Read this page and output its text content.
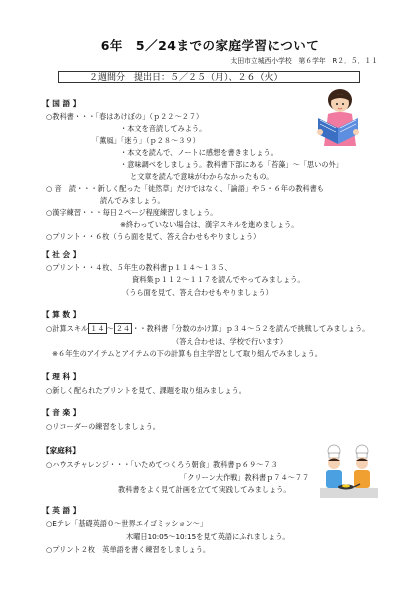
6年　5／24までの家庭学習について
太田市立城西小学校　第６学年　R２．５．１１
２週間分　提出日：５／２５（月）、２６（火）
【 国 語 】
○教科書・・・「春はあけぼの」（ｐ２２〜２７）
・本文を音読してみよう。
「薫風」「迷う」（ｐ２８〜３９）
・本文を読んで、ノートに感想を書きましょう。
・意味調べをしましょう。教科書下部にある「苔藻」〜「思いの外」
と文章を読んで意味がわからなかったもの。
○ 音　読・・・新しく配った「徒然草」だけではなく、「論語」や５・６年の教科書も
読んでみましょう。
○漢字練習・・・毎日２ページ程度練習しましょう。
※終わっていない場合は、漢字スキルを進めましょう。
○プリント・・６枚（うら面を見て、答え合わせもやりましょう）
【 社 会 】
○プリント・・４枚、５年生の教科書ｐ１１４〜１３５、
資料集ｐ１１２〜１１７を読んでやってみましょう。
（うら面を見て、答え合わせもやりましょう）
【 算 数 】
○計算スキル １４ 〜 ２４ ・・教科書「分数のかけ算」ｐ３４〜５２を読んで挑戦してみましょう。
（答え合わせは、学校で行います）
※６年生のアイテムとアイテムの下の計算も自主学習として取り組んでみましょう。
【 理 科 】
○新しく配られたプリントを見て、課題を取り組みましょう。
【 音 楽 】
○リコーダーの練習をしましょう。
【家庭科】
○ハウスチャレンジ・・・「いためてつくろう朝食」教科書ｐ６９〜７３
「クリーン大作戦」教科書ｐ７４〜７７
教科書をよく見て計画を立てて実践してみましょう。
【 英 語 】
○Eテレ「基礎英語０〜世界エイゴミッション〜」
木曜日10:05〜10:15を見て英語にふれましょう。
○プリント２枚　英単語を書く練習をしましょう。
